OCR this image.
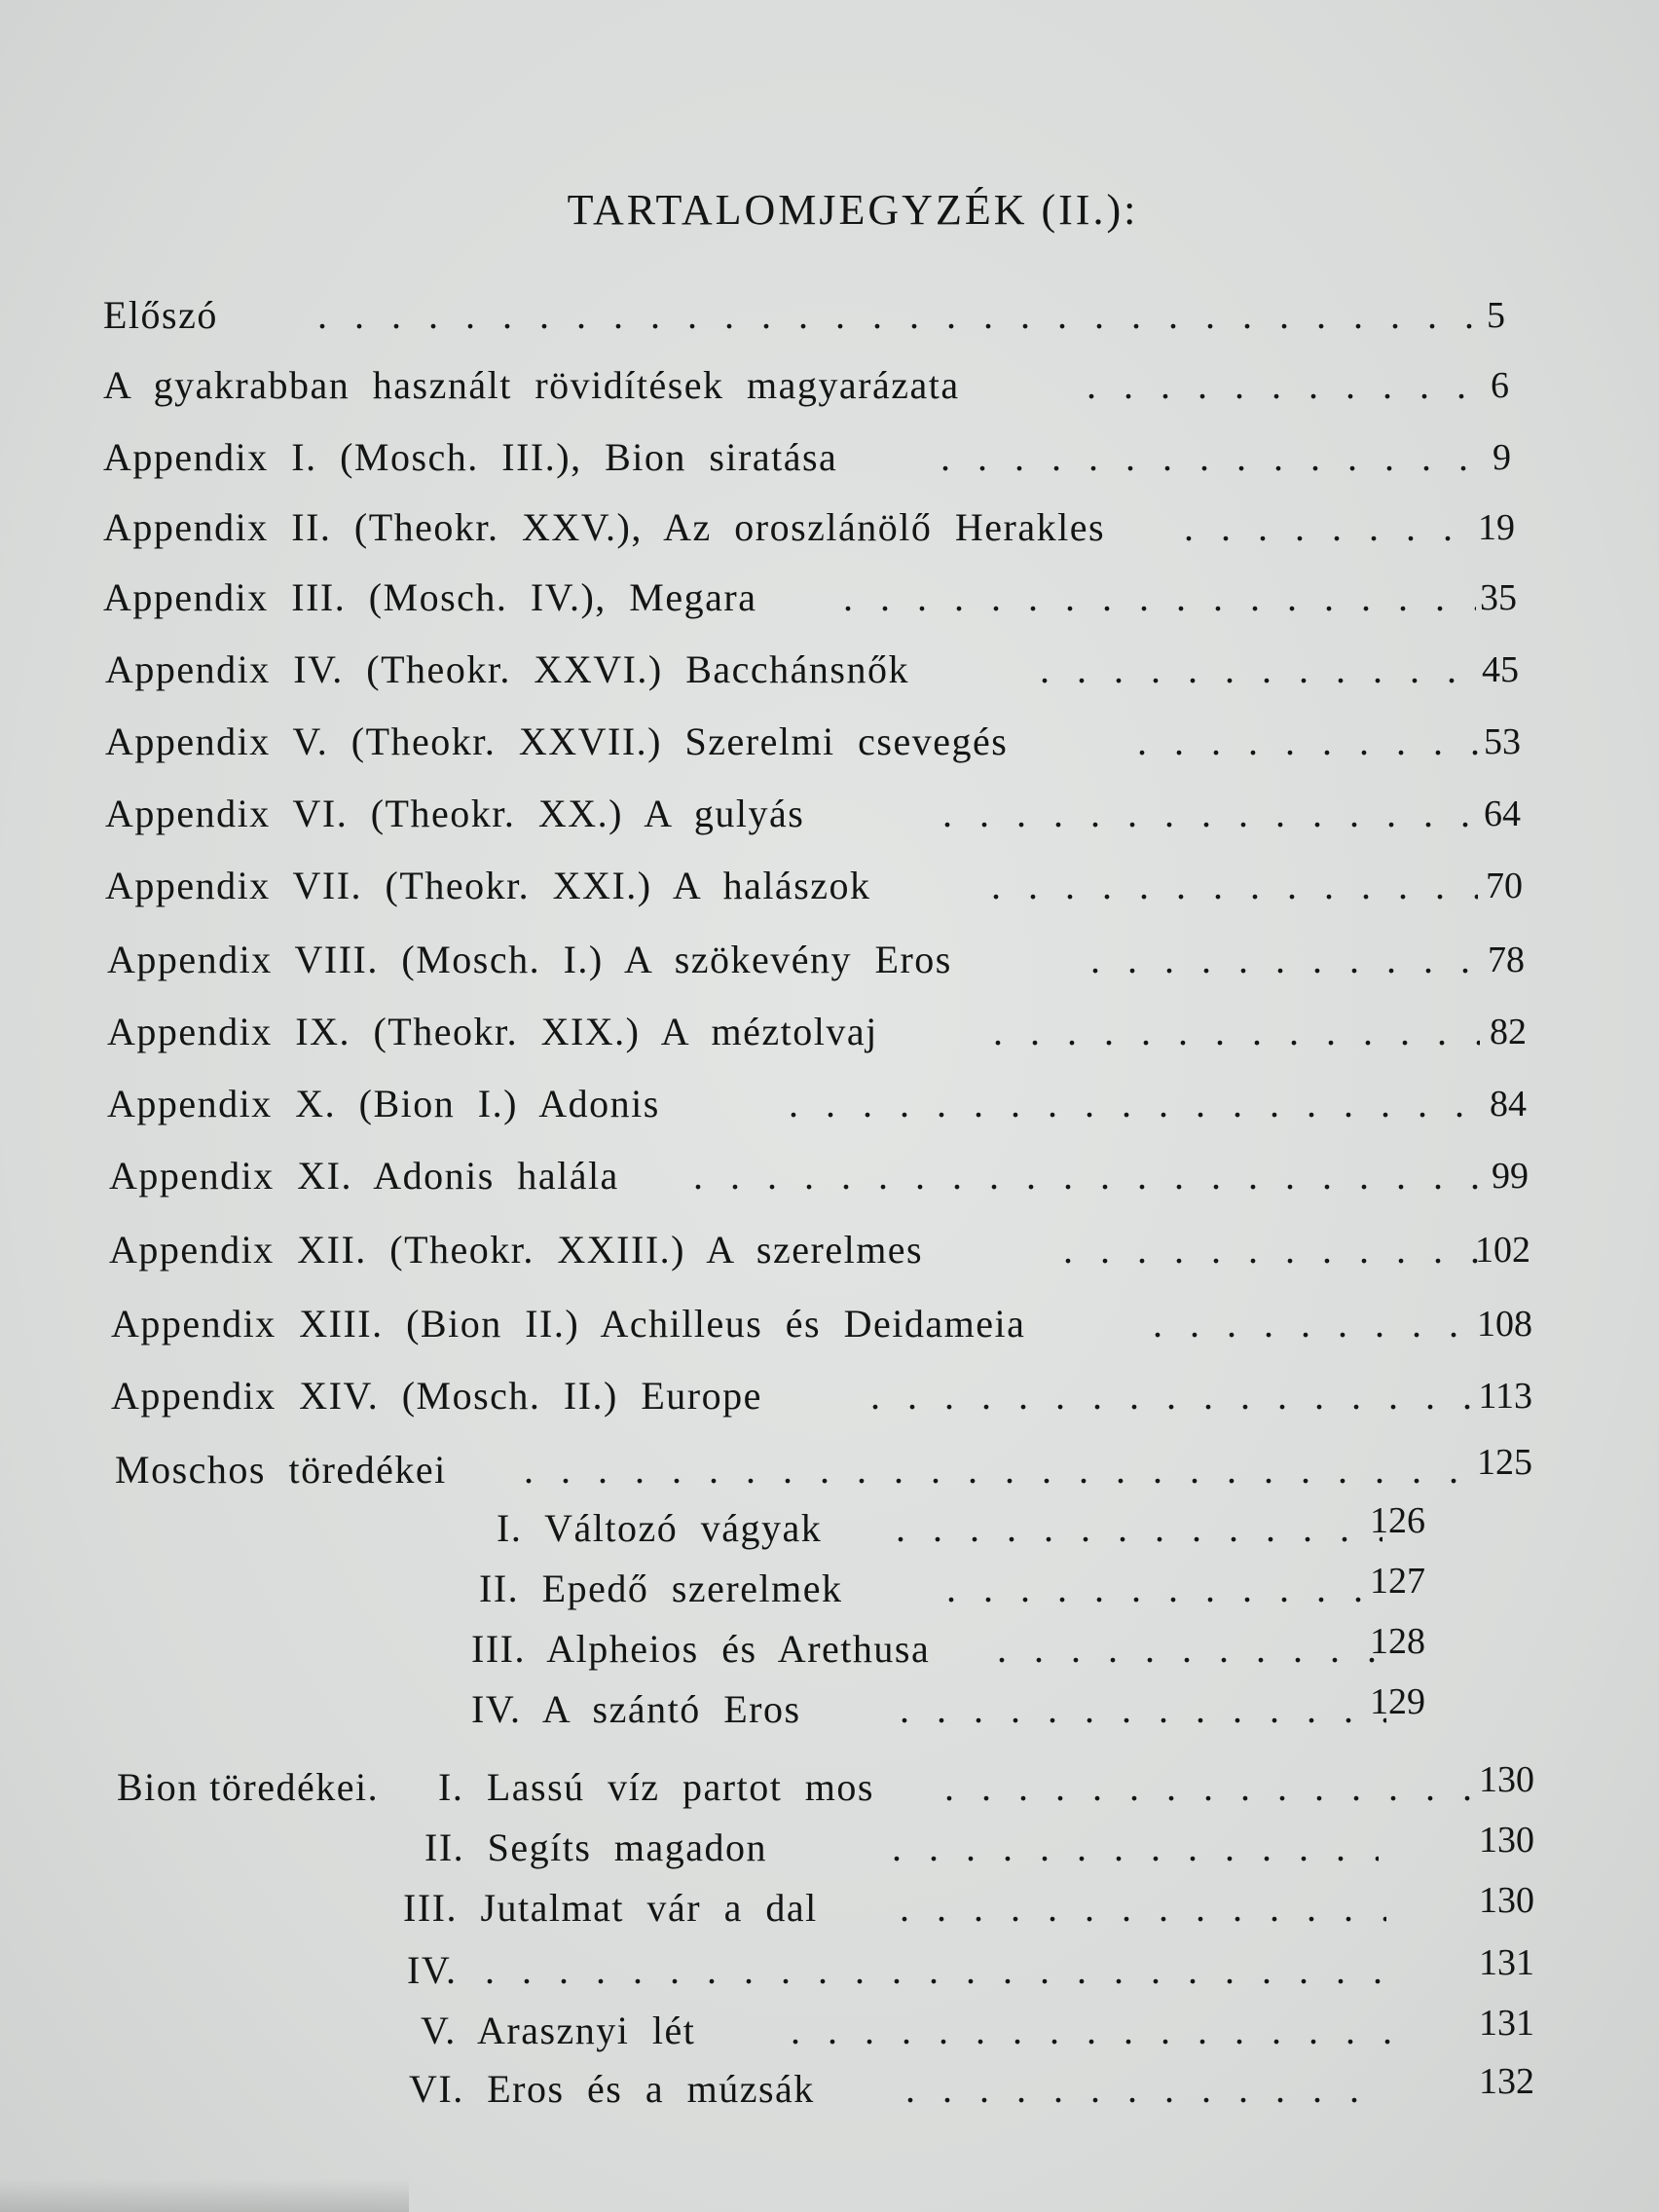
TARTALOMJEGYZÉK (II.):
Előszó . . .	5
A gyakrabban használt rövidítések magyarázata . . .	6
Appendix I. (Mosch. III.), Bion siratása . . .	9
Appendix II. (Theokr. XXV.), Az oroszlánölő Herakles . . .	19
Appendix III. (Mosch. IV.), Megara . . .	35
Appendix IV. (Theokr. XXVI.) Bacchánsnők . . .	45
Appendix V. (Theokr. XXVII.) Szerelmi csevegés . . .	53
Appendix VI. (Theokr. XX.) A gulyás . . .	64
Appendix VII. (Theokr. XXI.) A halászok . . .	70
Appendix VIII. (Mosch. I.) A szökevény Eros . . .	78
Appendix IX. (Theokr. XIX.) A méztolvaj . . .	82
Appendix X. (Bion I.) Adonis . . .	84
Appendix XI. Adonis halála . . .	99
Appendix XII. (Theokr. XXIII.) A szerelmes . . .	102
Appendix XIII. (Bion II.) Achilleus és Deidameia . . .	108
Appendix XIV. (Mosch. II.) Europe . . .	113
Moschos töredékei . . .	125
I. Változó vágyak . . .	126
II. Epedő szerelmek . . .	127
III. Alpheios és Arethusa . . .	128
IV. A szántó Eros . . .	129
Bion töredékei. I. Lassú víz partot mos . . .	130
II. Segíts magadon . . .	130
III. Jutalmat vár a dal . . .	130
IV. . . .	131
V. Arasznyi lét . . .	131
VI. Eros és a múzsák . . .	132
